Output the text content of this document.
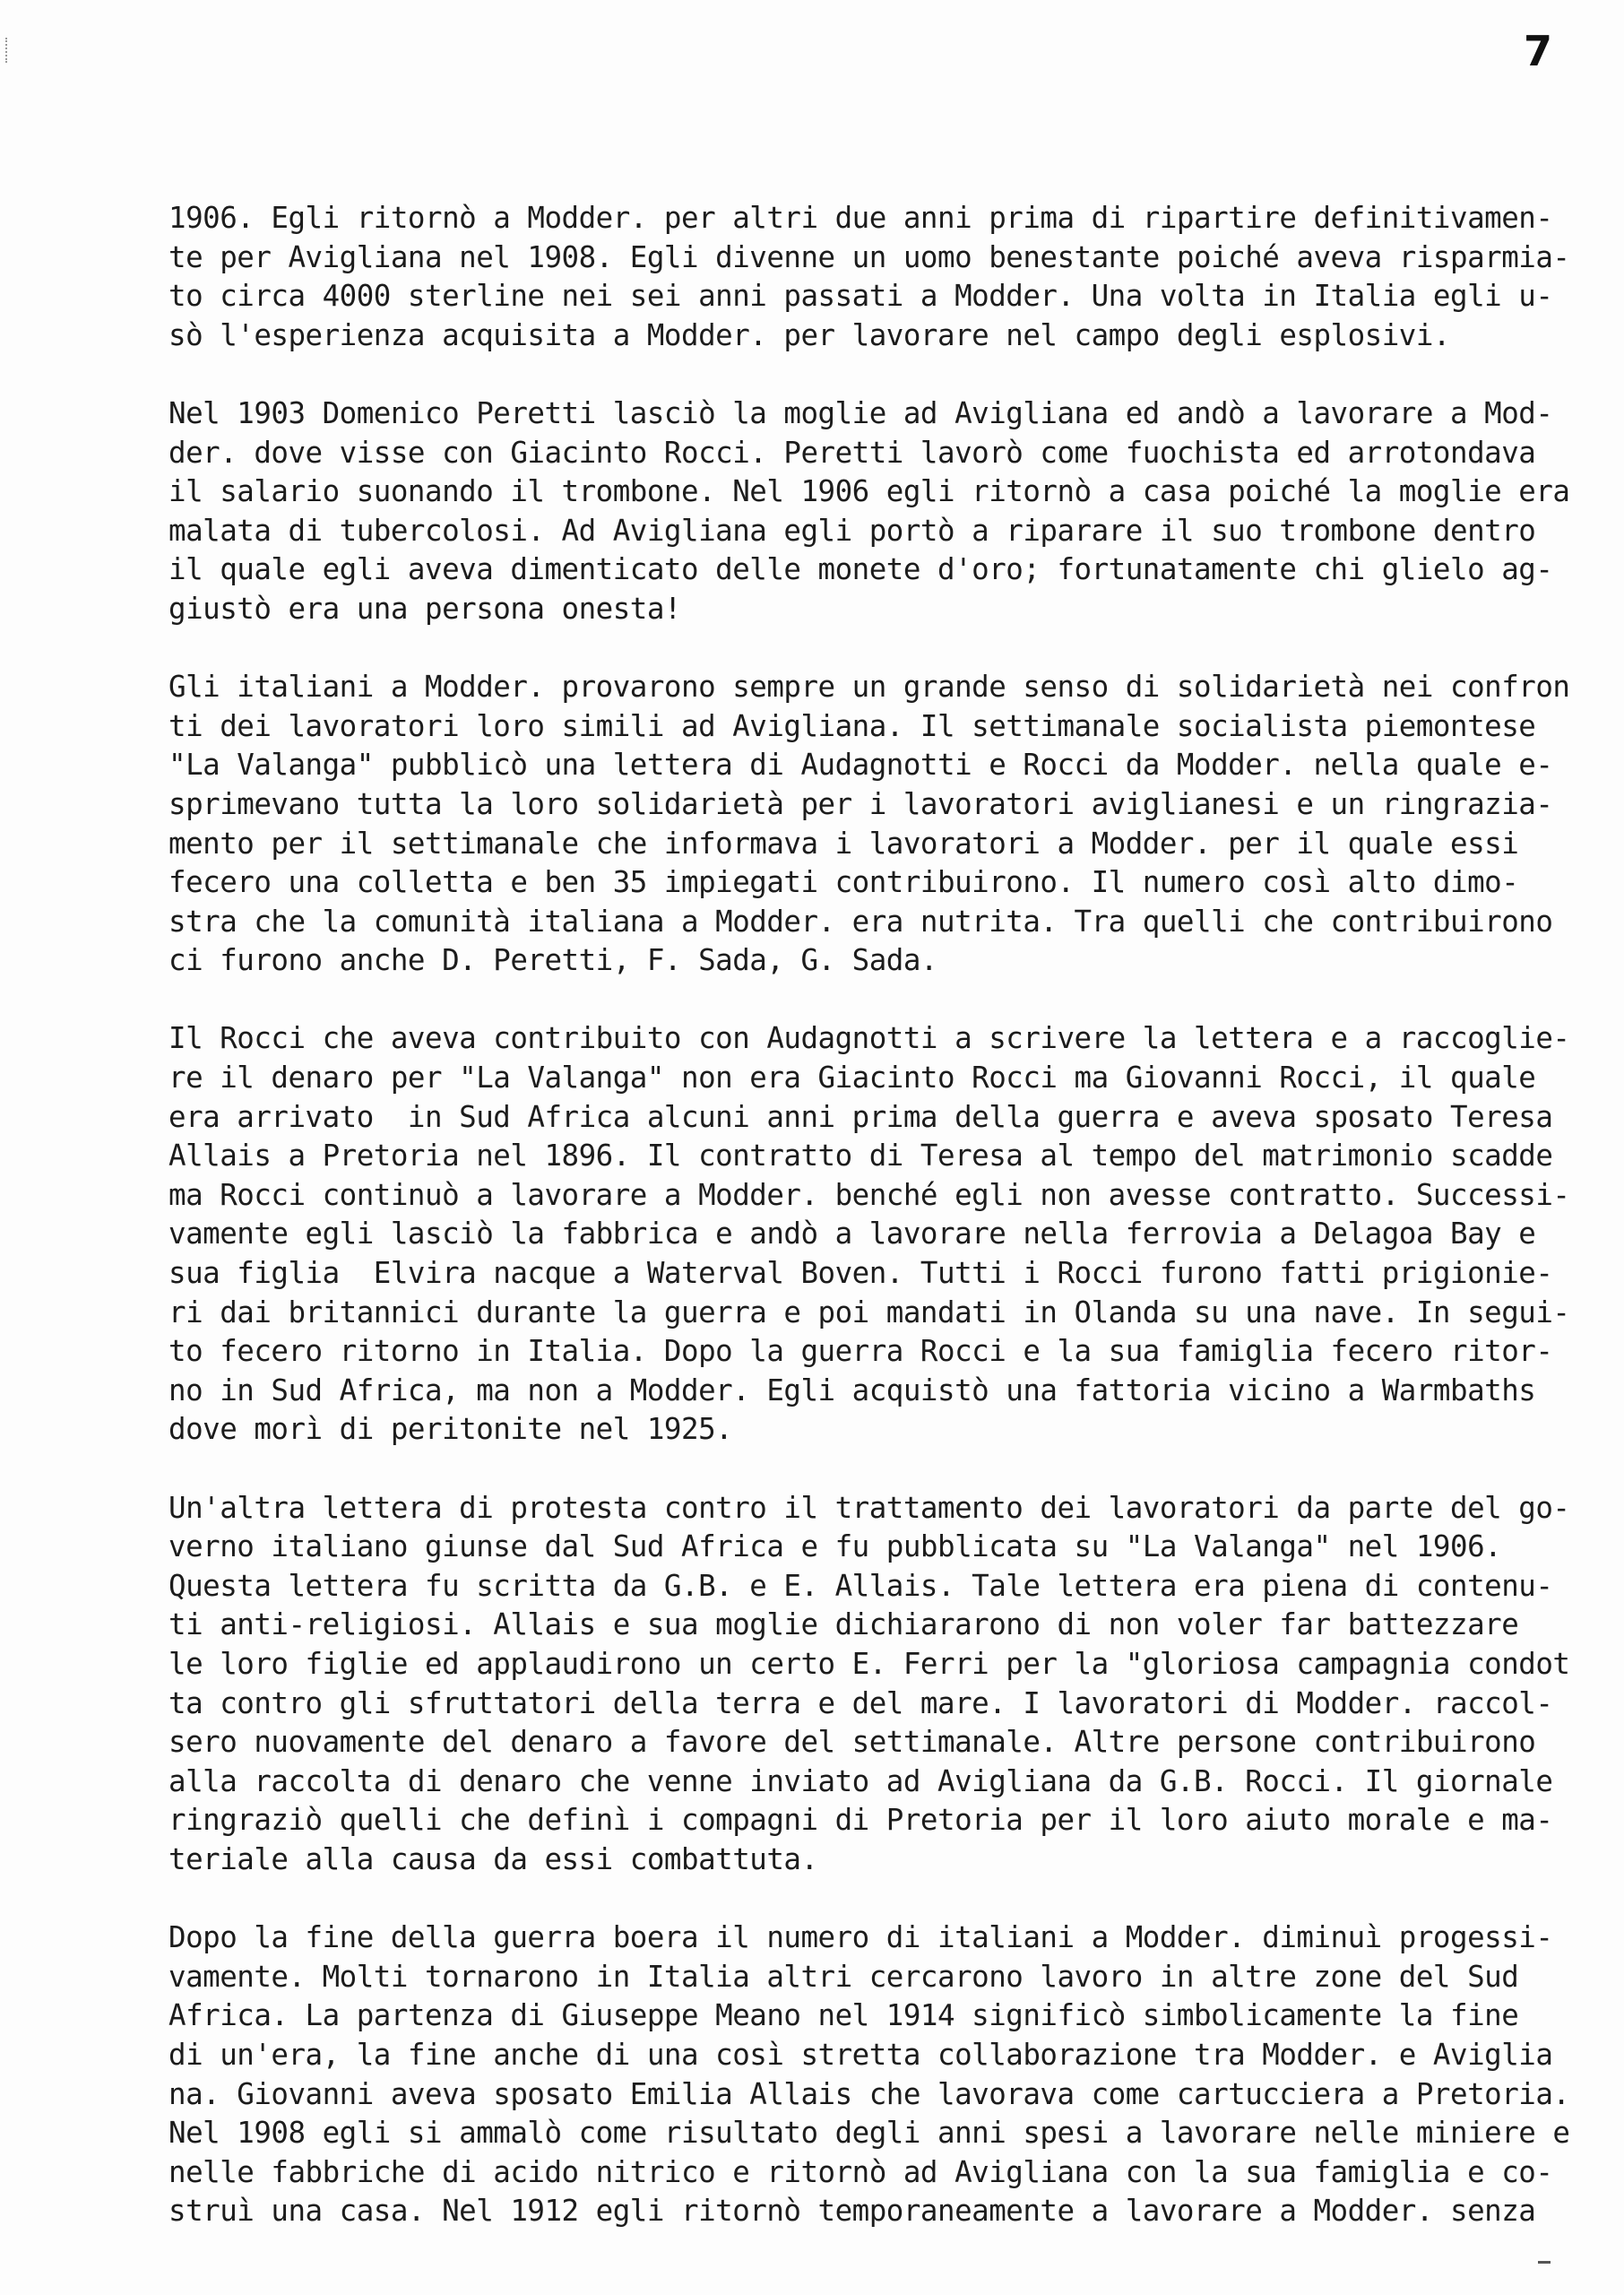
7
1906. Egli ritornò a Modder. per altri due anni prima di ripartire definitivamen-
te per Avigliana nel 1908. Egli divenne un uomo benestante poiché aveva risparmia-
to circa 4000 sterline nei sei anni passati a Modder. Una volta in Italia egli u-
sò l'esperienza acquisita a Modder. per lavorare nel campo degli esplosivi.
Nel 1903 Domenico Peretti lasciò la moglie ad Avigliana ed andò a lavorare a Mod-
der. dove visse con Giacinto Rocci. Peretti lavorò come fuochista ed arrotondava
il salario suonando il trombone. Nel 1906 egli ritornò a casa poiché la moglie era
malata di tubercolosi. Ad Avigliana egli portò a riparare il suo trombone dentro
il quale egli aveva dimenticato delle monete d'oro; fortunatamente chi glielo ag-
giustò era una persona onesta!
Gli italiani a Modder. provarono sempre un grande senso di solidarietà nei confron
ti dei lavoratori loro simili ad Avigliana. Il settimanale socialista piemontese
"La Valanga" pubblicò una lettera di Audagnotti e Rocci da Modder. nella quale e-
sprimevano tutta la loro solidarietà per i lavoratori aviglianesi e un ringrazia-
mento per il settimanale che informava i lavoratori a Modder. per il quale essi
fecero una colletta e ben 35 impiegati contribuirono. Il numero così alto dimo-
stra che la comunità italiana a Modder. era nutrita. Tra quelli che contribuirono
ci furono anche D. Peretti, F. Sada, G. Sada.
Il Rocci che aveva contribuito con Audagnotti a scrivere la lettera e a raccoglie-
re il denaro per "La Valanga" non era Giacinto Rocci ma Giovanni Rocci, il quale
era arrivato  in Sud Africa alcuni anni prima della guerra e aveva sposato Teresa
Allais a Pretoria nel 1896. Il contratto di Teresa al tempo del matrimonio scadde
ma Rocci continuò a lavorare a Modder. benché egli non avesse contratto. Successi-
vamente egli lasciò la fabbrica e andò a lavorare nella ferrovia a Delagoa Bay e
sua figlia  Elvira nacque a Waterval Boven. Tutti i Rocci furono fatti prigionie-
ri dai britannici durante la guerra e poi mandati in Olanda su una nave. In segui-
to fecero ritorno in Italia. Dopo la guerra Rocci e la sua famiglia fecero ritor-
no in Sud Africa, ma non a Modder. Egli acquistò una fattoria vicino a Warmbaths
dove morì di peritonite nel 1925.
Un'altra lettera di protesta contro il trattamento dei lavoratori da parte del go-
verno italiano giunse dal Sud Africa e fu pubblicata su "La Valanga" nel 1906.
Questa lettera fu scritta da G.B. e E. Allais. Tale lettera era piena di contenu-
ti anti-religiosi. Allais e sua moglie dichiararono di non voler far battezzare
le loro figlie ed applaudirono un certo E. Ferri per la "gloriosa campagnia condot
ta contro gli sfruttatori della terra e del mare. I lavoratori di Modder. raccol-
sero nuovamente del denaro a favore del settimanale. Altre persone contribuirono
alla raccolta di denaro che venne inviato ad Avigliana da G.B. Rocci. Il giornale
ringraziò quelli che definì i compagni di Pretoria per il loro aiuto morale e ma-
teriale alla causa da essi combattuta.
Dopo la fine della guerra boera il numero di italiani a Modder. diminuì progessi-
vamente. Molti tornarono in Italia altri cercarono lavoro in altre zone del Sud
Africa. La partenza di Giuseppe Meano nel 1914 significò simbolicamente la fine
di un'era, la fine anche di una così stretta collaborazione tra Modder. e Aviglia
na. Giovanni aveva sposato Emilia Allais che lavorava come cartucciera a Pretoria.
Nel 1908 egli si ammalò come risultato degli anni spesi a lavorare nelle miniere e
nelle fabbriche di acido nitrico e ritornò ad Avigliana con la sua famiglia e co-
struì una casa. Nel 1912 egli ritornò temporaneamente a lavorare a Modder. senza
